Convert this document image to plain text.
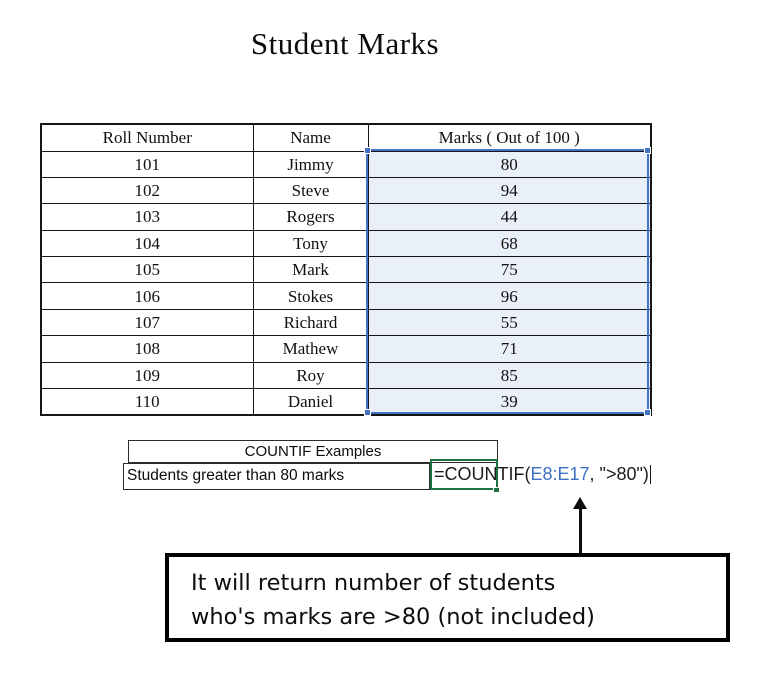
Student Marks
Roll Number	Name	Marks ( Out of 100 )
101	Jimmy	80
102	Steve	94
103	Rogers	44
104	Tony	68
105	Mark	75
106	Stokes	96
107	Richard	55
108	Mathew	71
109	Roy	85
110	Daniel	39
COUNTIF Examples
Students greater than 80 marks	=COUNTIF(E8:E17, ">80")
It will return number of students
who's marks are >80 (not included)
